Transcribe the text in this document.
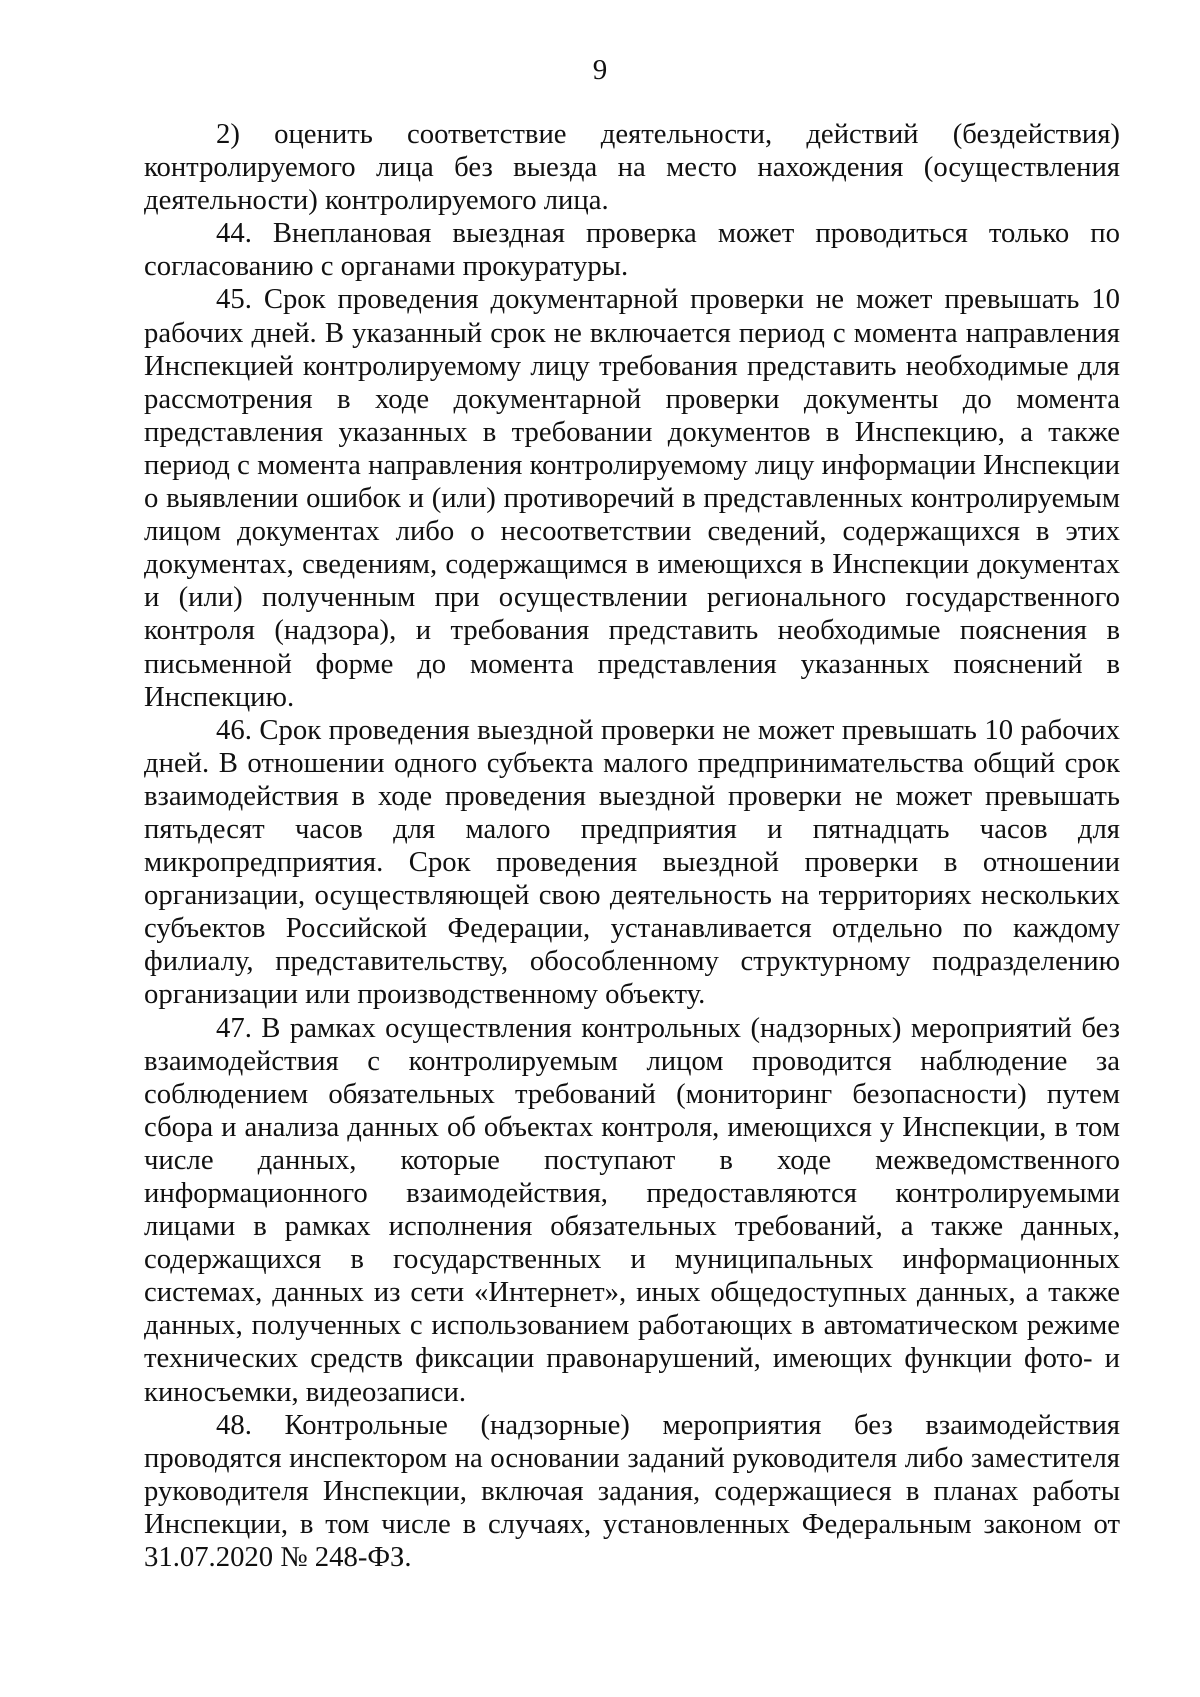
9

2) оценить соответствие деятельности, действий (бездействия) контролируемого лица без выезда на место нахождения (осуществления деятельности) контролируемого лица.

44. Внеплановая выездная проверка может проводиться только по согласованию с органами прокуратуры.

45. Срок проведения документарной проверки не может превышать 10 рабочих дней. В указанный срок не включается период с момента направления Инспекцией контролируемому лицу требования представить необходимые для рассмотрения в ходе документарной проверки документы до момента представления указанных в требовании документов в Инспекцию, а также период с момента направления контролируемому лицу информации Инспекции о выявлении ошибок и (или) противоречий в представленных контролируемым лицом документах либо о несоответствии сведений, содержащихся в этих документах, сведениям, содержащимся в имеющихся в Инспекции документах и (или) полученным при осуществлении регионального государственного контроля (надзора), и требования представить необходимые пояснения в письменной форме до момента представления указанных пояснений в Инспекцию.

46. Срок проведения выездной проверки не может превышать 10 рабочих дней. В отношении одного субъекта малого предпринимательства общий срок взаимодействия в ходе проведения выездной проверки не может превышать пятьдесят часов для малого предприятия и пятнадцать часов для микропредприятия. Срок проведения выездной проверки в отношении организации, осуществляющей свою деятельность на территориях нескольких субъектов Российской Федерации, устанавливается отдельно по каждому филиалу, представительству, обособленному структурному подразделению организации или производственному объекту.

47. В рамках осуществления контрольных (надзорных) мероприятий без взаимодействия с контролируемым лицом проводится наблюдение за соблюдением обязательных требований (мониторинг безопасности) путем сбора и анализа данных об объектах контроля, имеющихся у Инспекции, в том числе данных, которые поступают в ходе межведомственного информационного взаимодействия, предоставляются контролируемыми лицами в рамках исполнения обязательных требований, а также данных, содержащихся в государственных и муниципальных информационных системах, данных из сети «Интернет», иных общедоступных данных, а также данных, полученных с использованием работающих в автоматическом режиме технических средств фиксации правонарушений, имеющих функции фото- и киносъемки, видеозаписи.

48. Контрольные (надзорные) мероприятия без взаимодействия проводятся инспектором на основании заданий руководителя либо заместителя руководителя Инспекции, включая задания, содержащиеся в планах работы Инспекции, в том числе в случаях, установленных Федеральным законом от 31.07.2020 № 248-ФЗ.
